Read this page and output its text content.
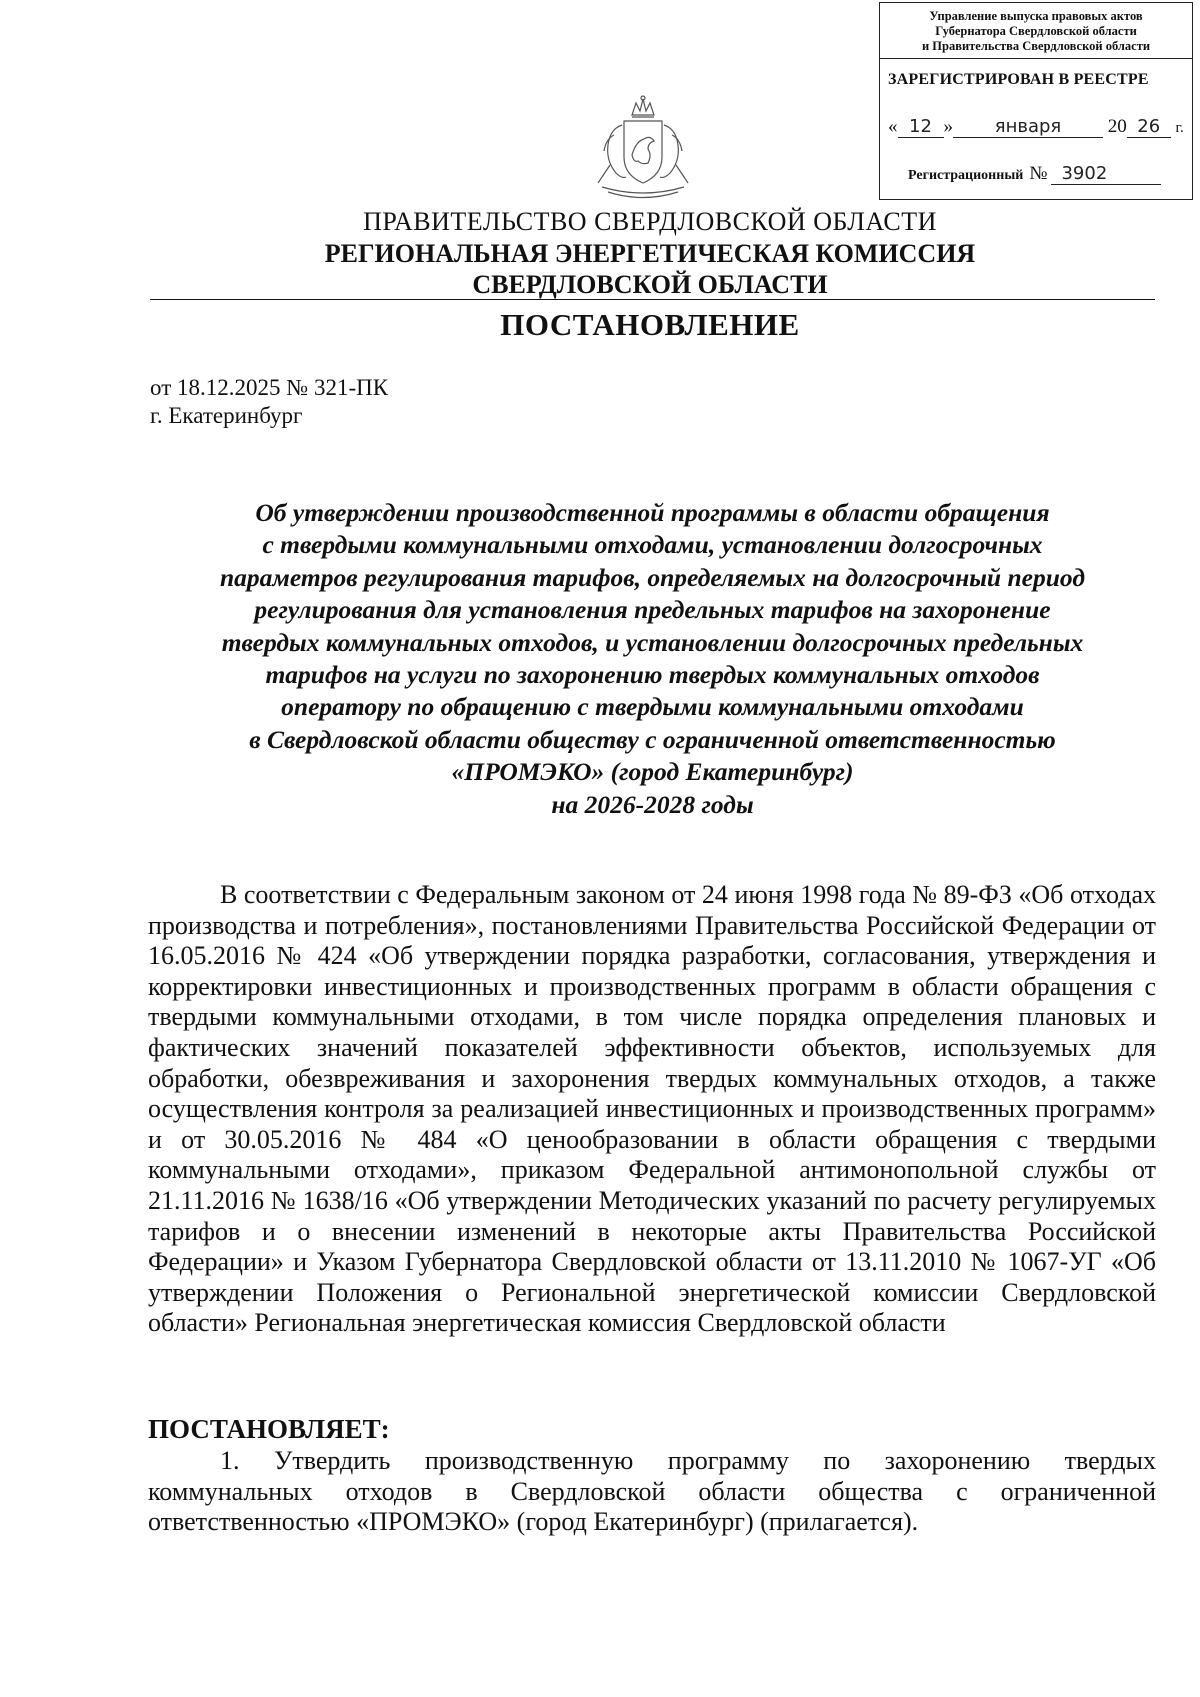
Управление выпуска правовых актов
Губернатора Свердловской области
и Правительства Свердловской области
ЗАРЕГИСТРИРОВАН В РЕЕСТРЕ
« 12 » января 20 26 г.
Регистрационный № 3902
ПРАВИТЕЛЬСТВО СВЕРДЛОВСКОЙ ОБЛАСТИ
РЕГИОНАЛЬНАЯ ЭНЕРГЕТИЧЕСКАЯ КОМИССИЯ
СВЕРДЛОВСКОЙ ОБЛАСТИ
ПОСТАНОВЛЕНИЕ
от 18.12.2025 № 321-ПК
г. Екатеринбург
Об утверждении производственной программы в области обращения
с твердыми коммунальными отходами, установлении долгосрочных
параметров регулирования тарифов, определяемых на долгосрочный период
регулирования для установления предельных тарифов на захоронение
твердых коммунальных отходов, и установлении долгосрочных предельных
тарифов на услуги по захоронению твердых коммунальных отходов
оператору по обращению с твердыми коммунальными отходами
в Свердловской области обществу с ограниченной ответственностью
«ПРОМЭКО» (город Екатеринбург)
на 2026-2028 годы
В соответствии с Федеральным законом от 24 июня 1998 года № 89-ФЗ «Об отходах производства и потребления», постановлениями Правительства Российской Федерации от 16.05.2016 № 424 «Об утверждении порядка разработки, согласования, утверждения и корректировки инвестиционных и производственных программ в области обращения с твердыми коммунальными отходами, в том числе порядка определения плановых и фактических значений показателей эффективности объектов, используемых для обработки, обезвреживания и захоронения твердых коммунальных отходов, а также осуществления контроля за реализацией инвестиционных и производственных программ» и от 30.05.2016 № 484 «О ценообразовании в области обращения с твердыми коммунальными отходами», приказом Федеральной антимонопольной службы от 21.11.2016 № 1638/16 «Об утверждении Методических указаний по расчету регулируемых тарифов и о внесении изменений в некоторые акты Правительства Российской Федерации» и Указом Губернатора Свердловской области от 13.11.2010 № 1067-УГ «Об утверждении Положения о Региональной энергетической комиссии Свердловской области» Региональная энергетическая комиссия Свердловской области
ПОСТАНОВЛЯЕТ:
1. Утвердить производственную программу по захоронению твердых коммунальных отходов в Свердловской области общества с ограниченной ответственностью «ПРОМЭКО» (город Екатеринбург) (прилагается).
